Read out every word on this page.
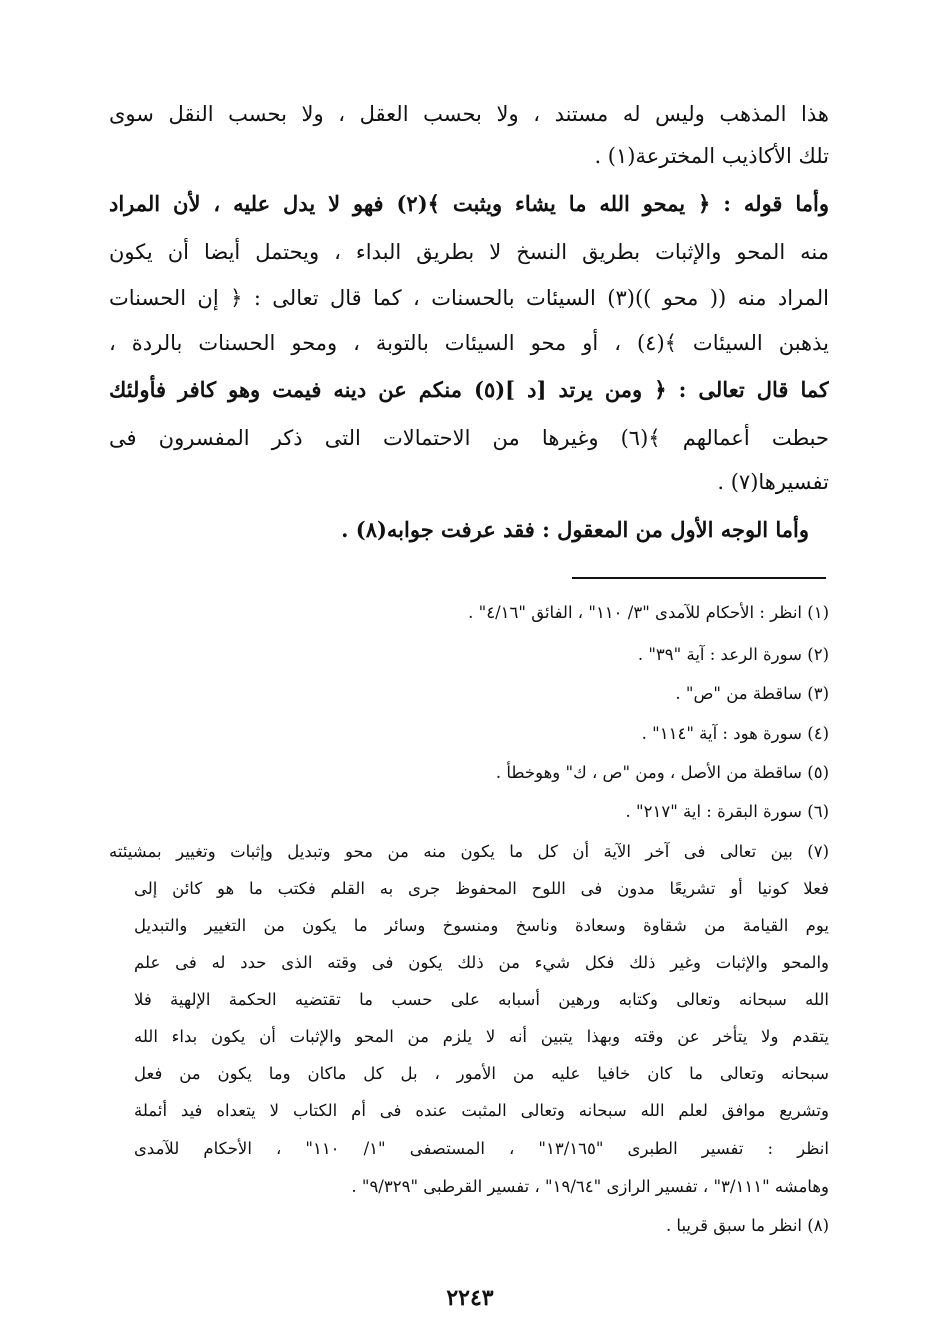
هذا المذهب وليس له مستند ، ولا بحسب العقل ، ولا بحسب النقل سوى
تلك الأكاذيب المخترعة(١) .
وأما قوله : ﴿ يمحو الله ما يشاء ويثبت ﴾(٢) فهو لا يدل عليه ، لأن المراد
منه المحو والإثبات بطريق النسخ لا بطريق البداء ، ويحتمل أيضا أن يكون
المراد منه (( محو ))(٣) السيئات بالحسنات ، كما قال تعالى : ﴿ إن الحسنات
يذهبن السيئات ﴾(٤) ، أو محو السيئات بالتوبة ، ومحو الحسنات بالردة ،
كما قال تعالى : ﴿ ومن يرتد [د ](٥) منكم عن دينه فيمت وهو كافر فأولئك
حبطت أعمالهم ﴾(٦) وغيرها من الاحتمالات التى ذكر المفسرون فى
تفسيرها(٧) .
وأما الوجه الأول من المعقول : فقد عرفت جوابه(٨) .
(١) انظر : الأحكام للآمدى "٣/ ١١٠" ، الفائق "٤/١٦" .
(٢) سورة الرعد : آية "٣٩" .
(٣) ساقطة من "ص" .
(٤) سورة هود : آية "١١٤" .
(٥) ساقطة من الأصل ، ومن "ص ، ك" وهوخطأ .
(٦) سورة البقرة : اية "٢١٧" .
(٧) بين تعالى فى آخر الآية أن كل ما يكون منه من محو وتبديل وإثبات وتغيير بمشيئته
فعلا كونيا أو تشريعًا مدون فى اللوح المحفوظ جرى به القلم فكتب ما هو كائن إلى
يوم القيامة من شقاوة وسعادة وناسخ ومنسوخ وسائر ما يكون من التغيير والتبديل
والمحو والإثبات وغير ذلك فكل شيء من ذلك يكون فى وقته الذى حدد له فى علم
الله سبحانه وتعالى وكتابه ورهين أسبابه على حسب ما تقتضيه الحكمة الإلهية فلا
يتقدم ولا يتأخر عن وقته وبهذا يتبين أنه لا يلزم من المحو والإثبات أن يكون بداء الله
سبحانه وتعالى ما كان خافيا عليه من الأمور ، بل كل ماكان وما يكون من فعل
وتشريع موافق لعلم الله سبحانه وتعالى المثبت عنده فى أم الكتاب لا يتعداه فيد أئملة
انظر : تفسير الطبرى "١٣/١٦٥" ، المستصفى "١/ ١١٠" ، الأحكام للآمدى
وهامشه "٣/١١١" ، تفسير الرازى "١٩/٦٤" ، تفسير القرطبى "٩/٣٢٩" .
(٨) انظر ما سبق قريبا .
٢٢٤٣
